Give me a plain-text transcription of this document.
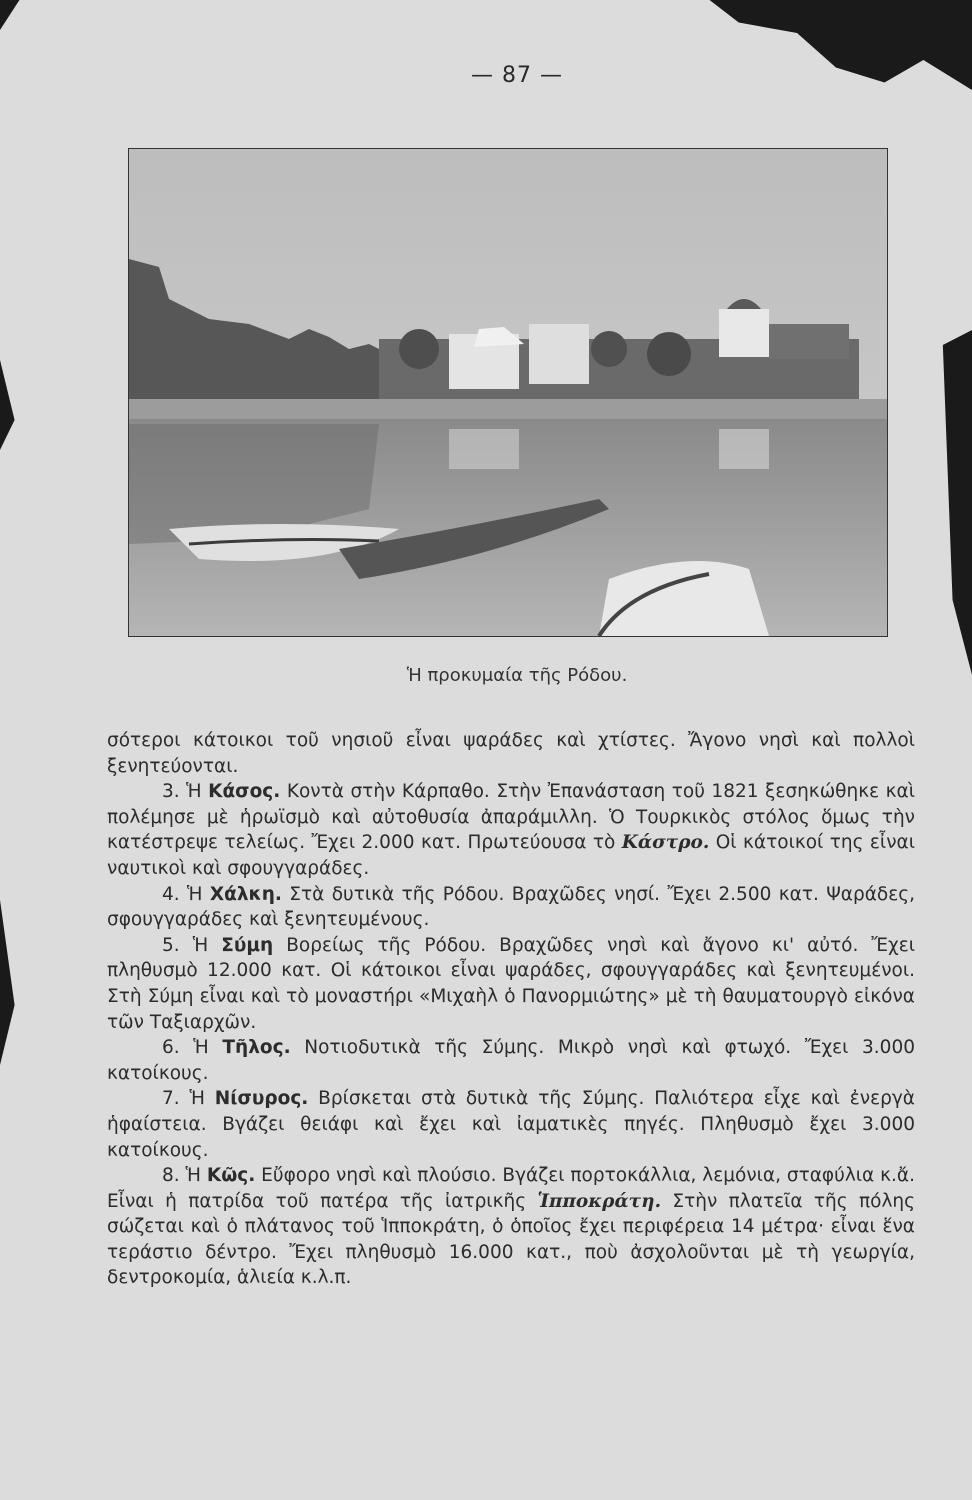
— 87 —
Ἡ προκυμαία τῆς Ρόδου.

σότεροι κάτοικοι τοῦ νησιοῦ εἶναι ψαράδες καὶ χτίστες. Ἄγονο νησὶ καὶ πολλοὶ ξενητεύονται.

3. Ἡ Κάσος. Κοντὰ στὴν Κάρπαθο. Στὴν Ἐπανάσταση τοῦ 1821 ξεσηκώθηκε καὶ πολέμησε μὲ ἡρωϊσμὸ καὶ αὐτοθυσία ἀπαράμιλλη. Ὁ Τουρκικὸς στόλος ὅμως τὴν κατέστρεψε τελείως. Ἔχει 2.000 κατ. Πρωτεύουσα τὸ Κάστρο. Οἱ κάτοικοί της εἶναι ναυτικοὶ καὶ σφουγγαράδες.

4. Ἡ Χάλκη. Στὰ δυτικὰ τῆς Ρόδου. Βραχῶδες νησί. Ἔχει 2.500 κατ. Ψαράδες, σφουγγαράδες καὶ ξενητευμένους.

5. Ἡ Σύμη Βορείως τῆς Ρόδου. Βραχῶδες νησὶ καὶ ἄγονο κι' αὐτό. Ἔχει πληθυσμὸ 12.000 κατ. Οἱ κάτοικοι εἶναι ψαράδες, σφουγγαράδες καὶ ξενητευμένοι. Στὴ Σύμη εἶναι καὶ τὸ μοναστήρι «Μιχαὴλ ὁ Πανορμιώτης» μὲ τὴ θαυματουργὸ εἰκόνα τῶν Ταξιαρχῶν.

6. Ἡ Τῆλος. Νοτιοδυτικὰ τῆς Σύμης. Μικρὸ νησὶ καὶ φτωχό. Ἔχει 3.000 κατοίκους.

7. Ἡ Νίσυρος. Βρίσκεται στὰ δυτικὰ τῆς Σύμης. Παλιότερα εἶχε καὶ ἐνεργὰ ἡφαίστεια. Βγάζει θειάφι καὶ ἔχει καὶ ἰαματικὲς πηγές. Πληθυσμὸ ἔχει 3.000 κατοίκους.

8. Ἡ Κῶς. Εὔφορο νησὶ καὶ πλούσιο. Βγάζει πορτοκάλλια, λεμόνια, σταφύλια κ.ἄ. Εἶναι ἡ πατρίδα τοῦ πατέρα τῆς ἰατρικῆς Ἱπποκράτη. Στὴν πλατεῖα τῆς πόλης σώζεται καὶ ὁ πλάτανος τοῦ Ἱπποκράτη, ὁ ὁποῖος ἔχει περιφέρεια 14 μέτρα· εἶναι ἕνα τεράστιο δέντρο. Ἔχει πληθυσμὸ 16.000 κατ., ποὺ ἀσχολοῦνται μὲ τὴ γεωργία, δεντροκομία, ἁλιεία κ.λ.π.
